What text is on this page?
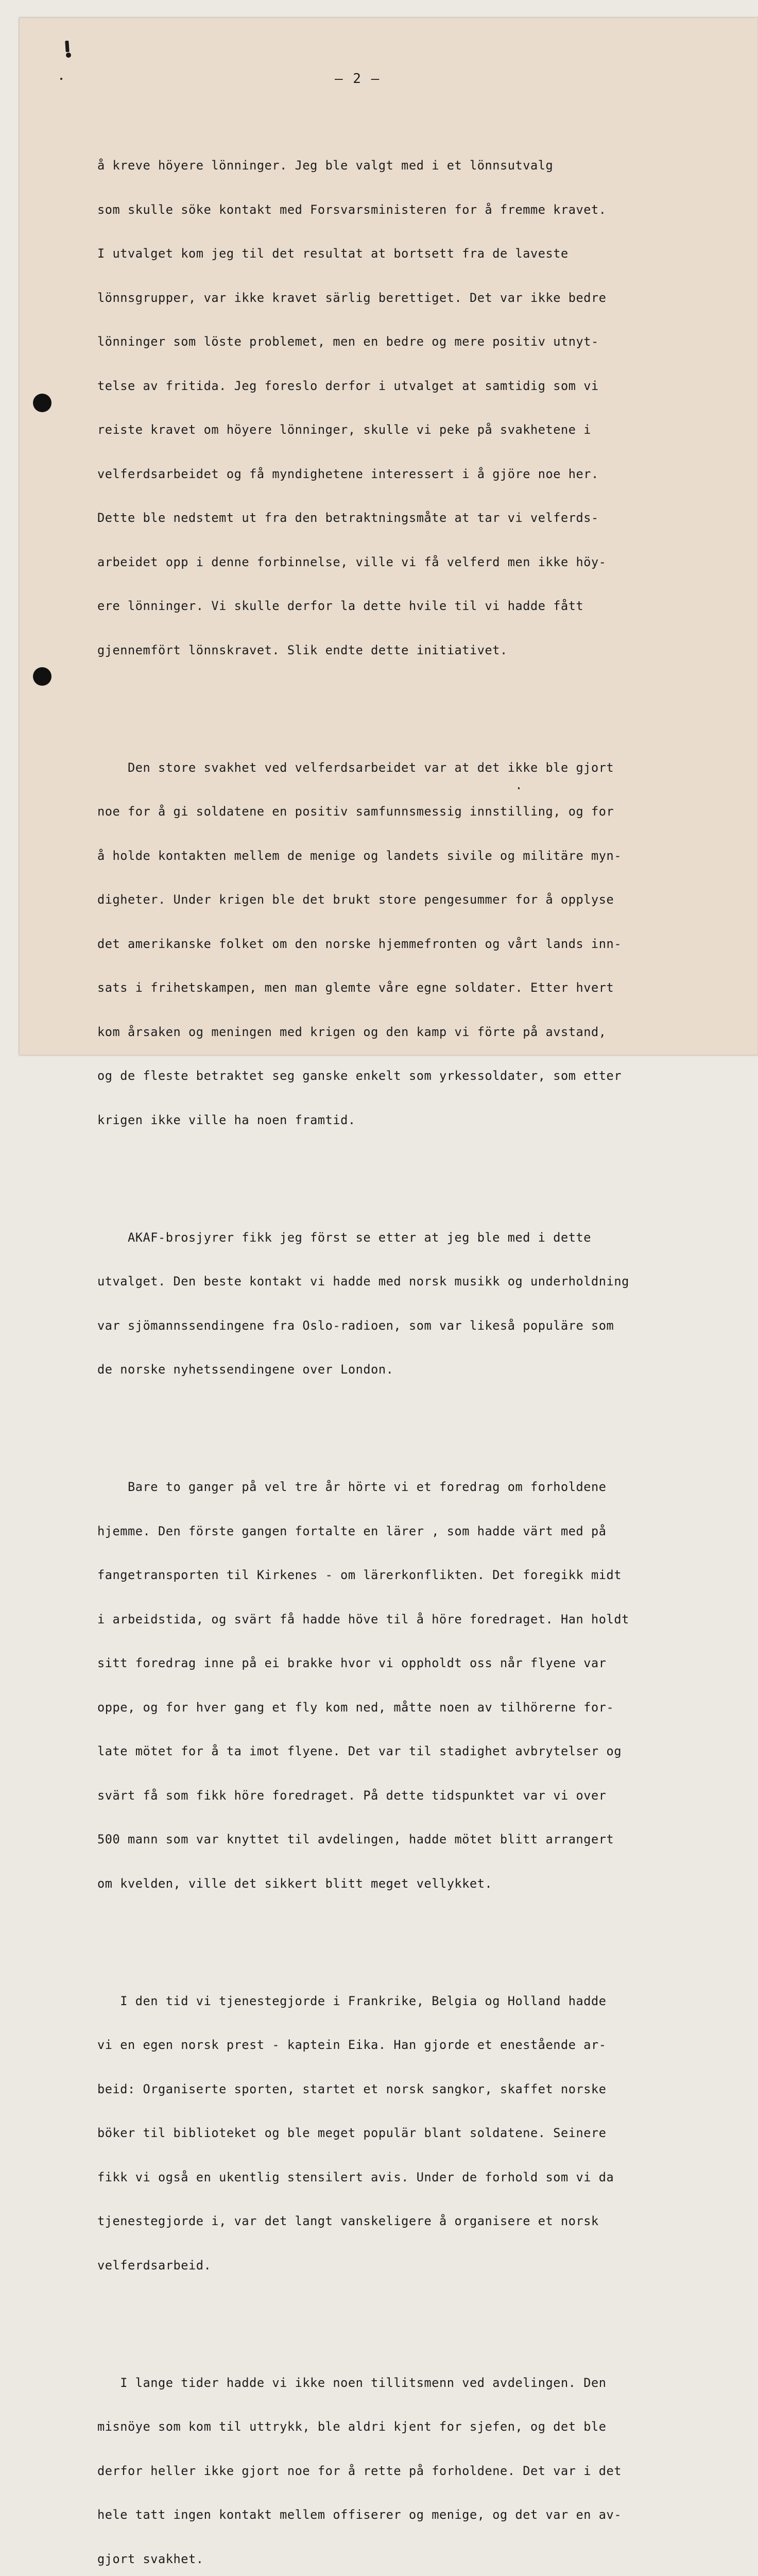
– 2 –

å kreve höyere lönninger. Jeg ble valgt med i et lönnsutvalg

som skulle söke kontakt med Forsvarsministeren for å fremme kravet.

I utvalget kom jeg til det resultat at bortsett fra de laveste

lönnsgrupper, var ikke kravet särlig berettiget. Det var ikke bedre

lönninger som löste problemet, men en bedre og mere positiv utnyt-

telse av fritida. Jeg foreslo derfor i utvalget at samtidig som vi

reiste kravet om höyere lönninger, skulle vi peke på svakhetene i

velferdsarbeidet og få myndighetene interessert i å gjöre noe her.

Dette ble nedstemt ut fra den betraktningsmåte at tar vi velferds-

arbeidet opp i denne forbinnelse, ville vi få velferd men ikke höy-

ere lönninger. Vi skulle derfor la dette hvile til vi hadde fått

gjennemfört lönnskravet. Slik endte dette initiativet.

Den store svakhet ved velferdsarbeidet var at det ikke ble gjort

noe for å gi soldatene en positiv samfunnsmessig innstilling, og for

å holde kontakten mellem de menige og landets sivile og militäre myn-

digheter. Under krigen ble det brukt store pengesummer for å opplyse

det amerikanske folket om den norske hjemmefronten og vårt lands inn-

sats i frihetskampen, men man glemte våre egne soldater. Etter hvert

kom årsaken og meningen med krigen og den kamp vi förte på avstand,

og de fleste betraktet seg ganske enkelt som yrkessoldater, som etter

krigen ikke ville ha noen framtid.

AKAF-brosjyrer fikk jeg först se etter at jeg ble med i dette

utvalget. Den beste kontakt vi hadde med norsk musikk og underholdning

var sjömannssendingene fra Oslo-radioen, som var likeså populäre som

de norske nyhetssendingene over London.

Bare to ganger på vel tre år hörte vi et foredrag om forholdene

hjemme. Den förste gangen fortalte en lärer , som hadde värt med på

fangetransporten til Kirkenes - om lärerkonflikten. Det foregikk midt

i arbeidstida, og svärt få hadde höve til å höre foredraget. Han holdt

sitt foredrag inne på ei brakke hvor vi oppholdt oss når flyene var

oppe, og for hver gang et fly kom ned, måtte noen av tilhörerne for-

late mötet for å ta imot flyene. Det var til stadighet avbrytelser og

svärt få som fikk höre foredraget. På dette tidspunktet var vi over

500 mann som var knyttet til avdelingen, hadde mötet blitt arrangert

om kvelden, ville det sikkert blitt meget vellykket.

I den tid vi tjenestegjorde i Frankrike, Belgia og Holland hadde

vi en egen norsk prest - kaptein Eika. Han gjorde et enestående ar-

beid: Organiserte sporten, startet et norsk sangkor, skaffet norske

böker til biblioteket og ble meget populär blant soldatene. Seinere

fikk vi også en ukentlig stensilert avis. Under de forhold som vi da

tjenestegjorde i, var det langt vanskeligere å organisere et norsk

velferdsarbeid.

I lange tider hadde vi ikke noen tillitsmenn ved avdelingen. Den

misnöye som kom til uttrykk, ble aldri kjent for sjefen, og det ble

derfor heller ikke gjort noe for å rette på forholdene. Det var i det

hele tatt ingen kontakt mellem offiserer og menige, og det var en av-

gjort svakhet.
